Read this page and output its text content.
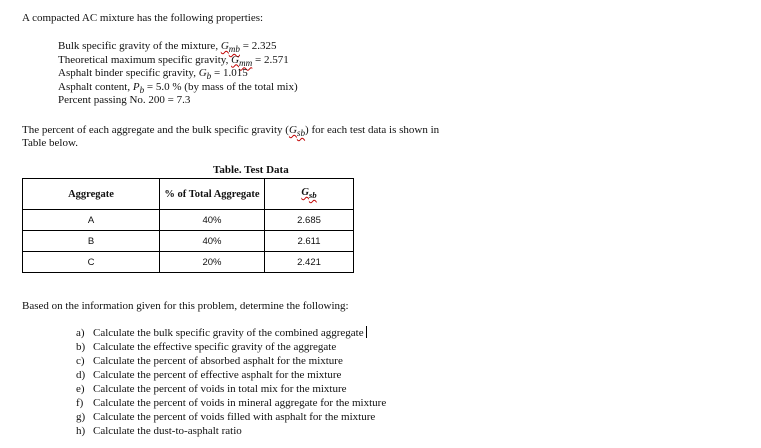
A compacted AC mixture has the following properties:
Bulk specific gravity of the mixture, $G_{mb} = 2.325$
Theoretical maximum specific gravity, $G_{mm} = 2.571$
Asphalt binder specific gravity, $G_b = 1.015$
Asphalt content, $P_b = 5.0$ % (by mass of the total mix)
Percent passing No. 200 = 7.3
The percent of each aggregate and the bulk specific gravity $(G_{sb})$ for each test data is shown in
Table below.
Table. Test Data
Aggregate	% of Total Aggregate	$G_{sb}$
A	40%	2.685
B	40%	2.611
C	20%	2.421
Based on the information given for this problem, determine the following:
a) Calculate the bulk specific gravity of the combined aggregate
b) Calculate the effective specific gravity of the aggregate
c) Calculate the percent of absorbed asphalt for the mixture
d) Calculate the percent of effective asphalt for the mixture
e) Calculate the percent of voids in total mix for the mixture
f) Calculate the percent of voids in mineral aggregate for the mixture
g) Calculate the percent of voids filled with asphalt for the mixture
h) Calculate the dust-to-asphalt ratio
